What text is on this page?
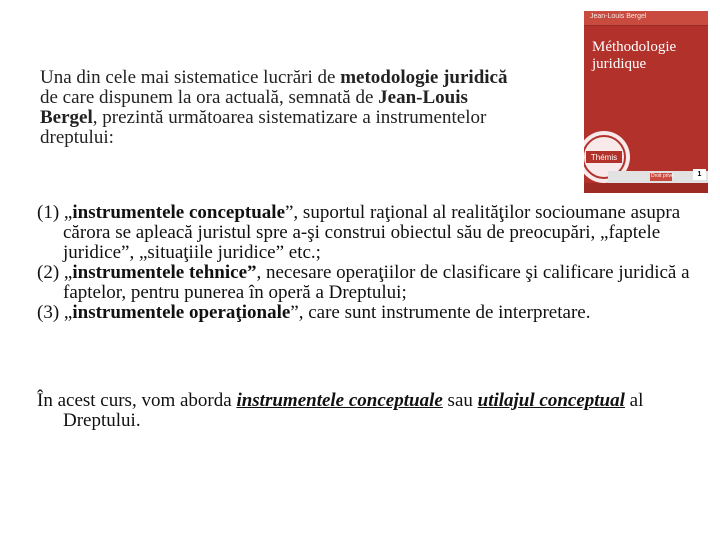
Una din cele mai sistematice lucrări de metodologie juridică de care dispunem la ora actuală, semnată de Jean-Louis Bergel, prezintă următoarea sistematizare a instrumentelor dreptului:
Jean-Louis Bergel
Méthodologie
juridique
Thémis
Droit privé	1
(1) „instrumentele conceptuale”, suportul raţional al realităţilor socioumane asupra cărora se apleacă juristul spre a-şi construi obiectul său de preocupări, „faptele juridice”, „situaţiile juridice” etc.;
(2) „instrumentele tehnice”, necesare operaţiilor de clasificare şi calificare juridică a faptelor, pentru punerea în operă a Dreptului;
(3) „instrumentele operaţionale”, care sunt instrumente de interpretare.
În acest curs, vom aborda instrumentele conceptuale sau utilajul conceptual al Dreptului.
